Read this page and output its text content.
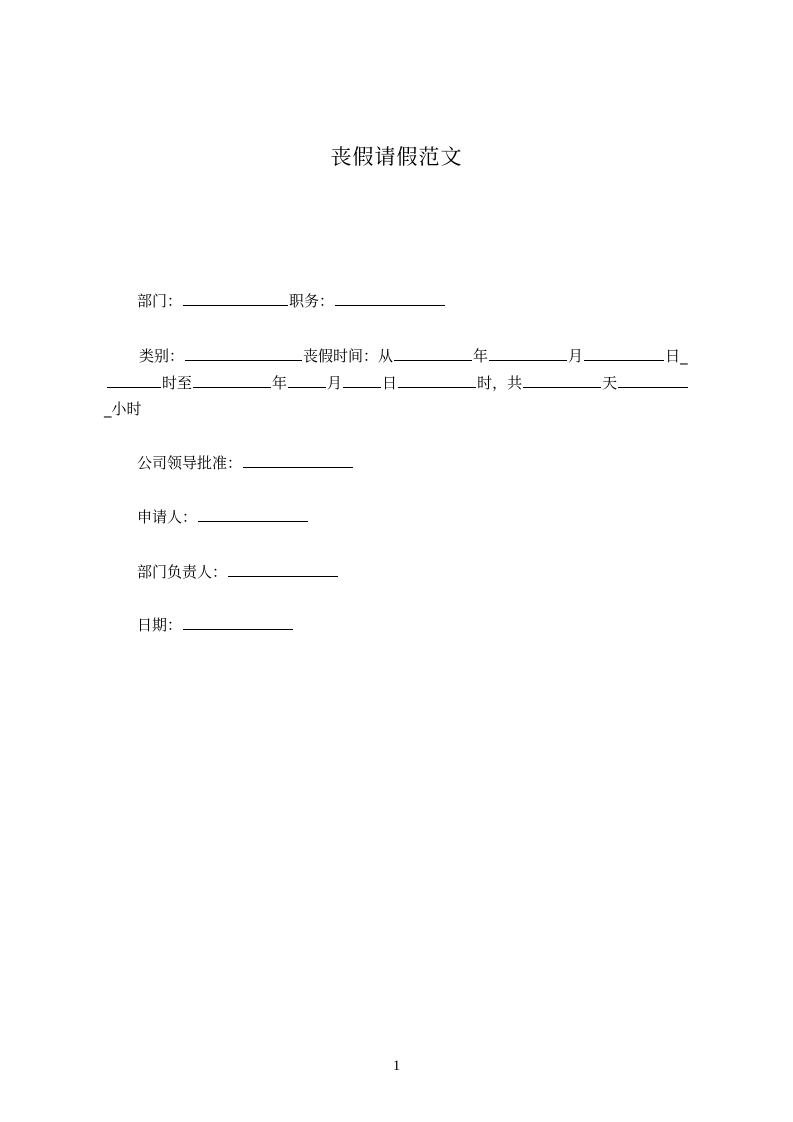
丧假请假范文
部门：	职务：
类别：	丧假时间：从	年	月	日_
时至	年	月	日	时，共	天
_小时
公司领导批准：
申请人：
部门负责人：
日期：
1
